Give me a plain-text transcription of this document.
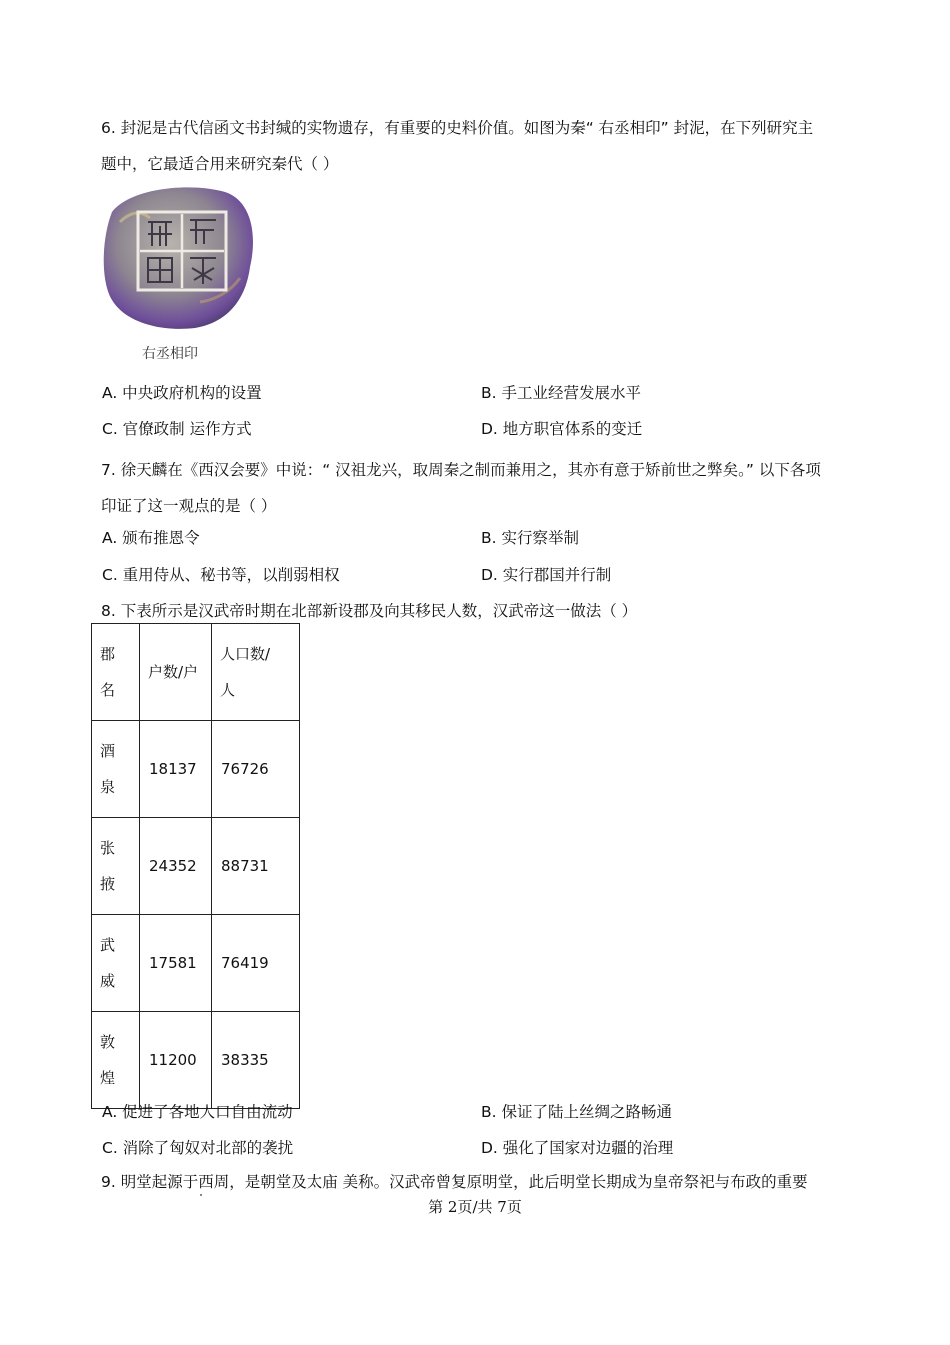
6. 封泥是古代信函文书封缄的实物遗存，有重要的史料价值。如图为秦“ 右丞相印” 封泥，在下列研究主
题中，它最适合用来研究秦代（ ）
右丞相印
A. 中央政府机构的设置	B. 手工业经营发展水平
C. 官僚政制 运作方式	D. 地方职官体系的变迁
7. 徐天麟在《西汉会要》中说：“ 汉祖龙兴，取周秦之制而兼用之，其亦有意于矫前世之弊矣。” 以下各项
印证了这一观点的是（ ）
A. 颁布推恩令	B. 实行察举制
C. 重用侍从、秘书等，以削弱相权	D. 实行郡国并行制
8. 下表所示是汉武帝时期在北部新设郡及向其移民人数，汉武帝这一做法（ ）
郡名	户数/户	人口数/人

酒泉	18137	76726

张掖	24352	88731

武威	17581	76419

敦煌	11200	38335
A. 促进了各地人口自由流动	B. 保证了陆上丝绸之路畅通
C. 消除了匈奴对北部的袭扰	D. 强化了国家对边疆的治理
9. 明堂起源于西周，是朝堂及太庙 美称。汉武帝曾复原明堂，此后明堂长期成为皇帝祭祀与布政的重要
第 2页/共 7页
